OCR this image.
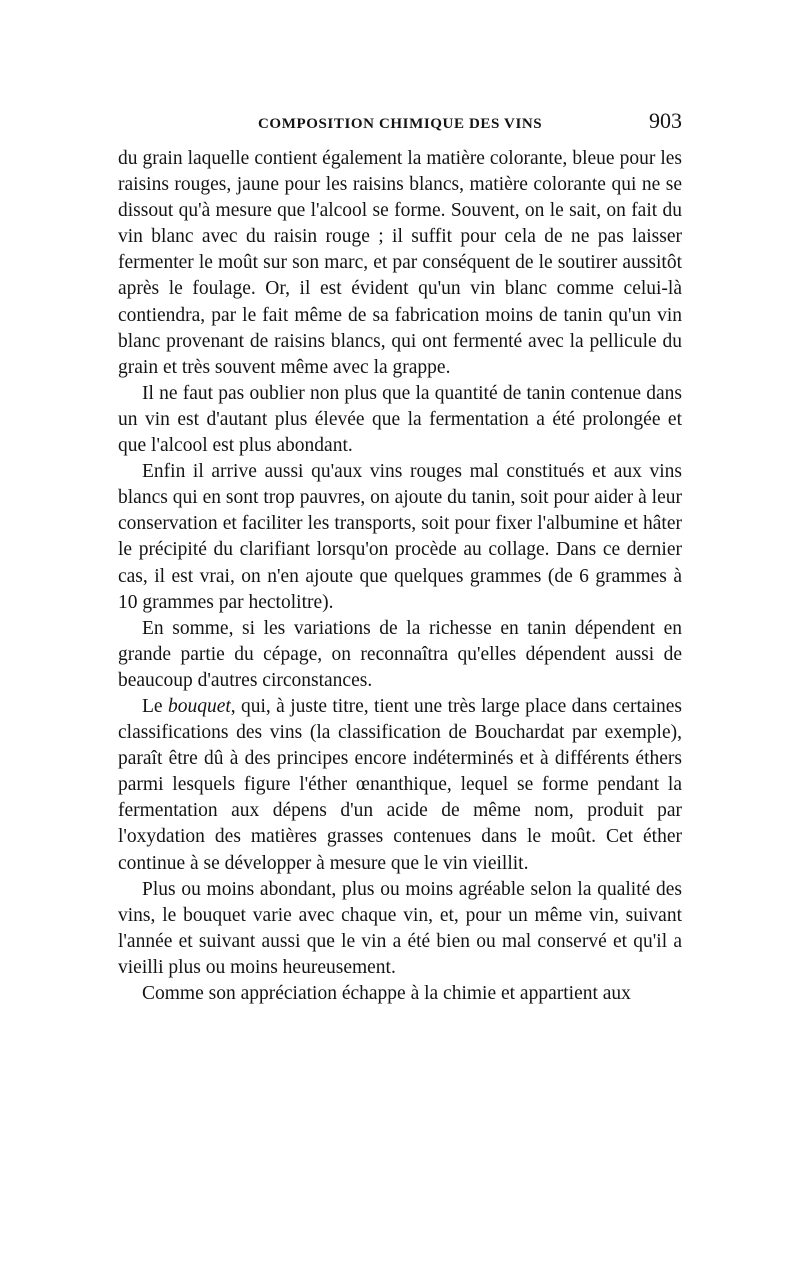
COMPOSITION CHIMIQUE DES VINS	903

du grain laquelle contient également la matière colorante, bleue pour les raisins rouges, jaune pour les raisins blancs, matière colorante qui ne se dissout qu'à mesure que l'alcool se forme. Souvent, on le sait, on fait du vin blanc avec du raisin rouge ; il suffit pour cela de ne pas laisser fermenter le moût sur son marc, et par conséquent de le soutirer aussitôt après le foulage. Or, il est évident qu'un vin blanc comme celui-là contiendra, par le fait même de sa fabrication moins de tanin qu'un vin blanc provenant de raisins blancs, qui ont fermenté avec la pellicule du grain et très souvent même avec la grappe.

Il ne faut pas oublier non plus que la quantité de tanin contenue dans un vin est d'autant plus élevée que la fermentation a été prolongée et que l'alcool est plus abondant.

Enfin il arrive aussi qu'aux vins rouges mal constitués et aux vins blancs qui en sont trop pauvres, on ajoute du tanin, soit pour aider à leur conservation et faciliter les transports, soit pour fixer l'albumine et hâter le précipité du clarifiant lorsqu'on procède au collage. Dans ce dernier cas, il est vrai, on n'en ajoute que quelques grammes (de 6 grammes à 10 grammes par hectolitre).

En somme, si les variations de la richesse en tanin dépendent en grande partie du cépage, on reconnaîtra qu'elles dépendent aussi de beaucoup d'autres circonstances.

Le bouquet, qui, à juste titre, tient une très large place dans certaines classifications des vins (la classification de Bouchardat par exemple), paraît être dû à des principes encore indéterminés et à différents éthers parmi lesquels figure l'éther œnanthique, lequel se forme pendant la fermentation aux dépens d'un acide de même nom, produit par l'oxydation des matières grasses contenues dans le moût. Cet éther continue à se développer à mesure que le vin vieillit.

Plus ou moins abondant, plus ou moins agréable selon la qualité des vins, le bouquet varie avec chaque vin, et, pour un même vin, suivant l'année et suivant aussi que le vin a été bien ou mal conservé et qu'il a vieilli plus ou moins heureusement.

Comme son appréciation échappe à la chimie et appartient aux
